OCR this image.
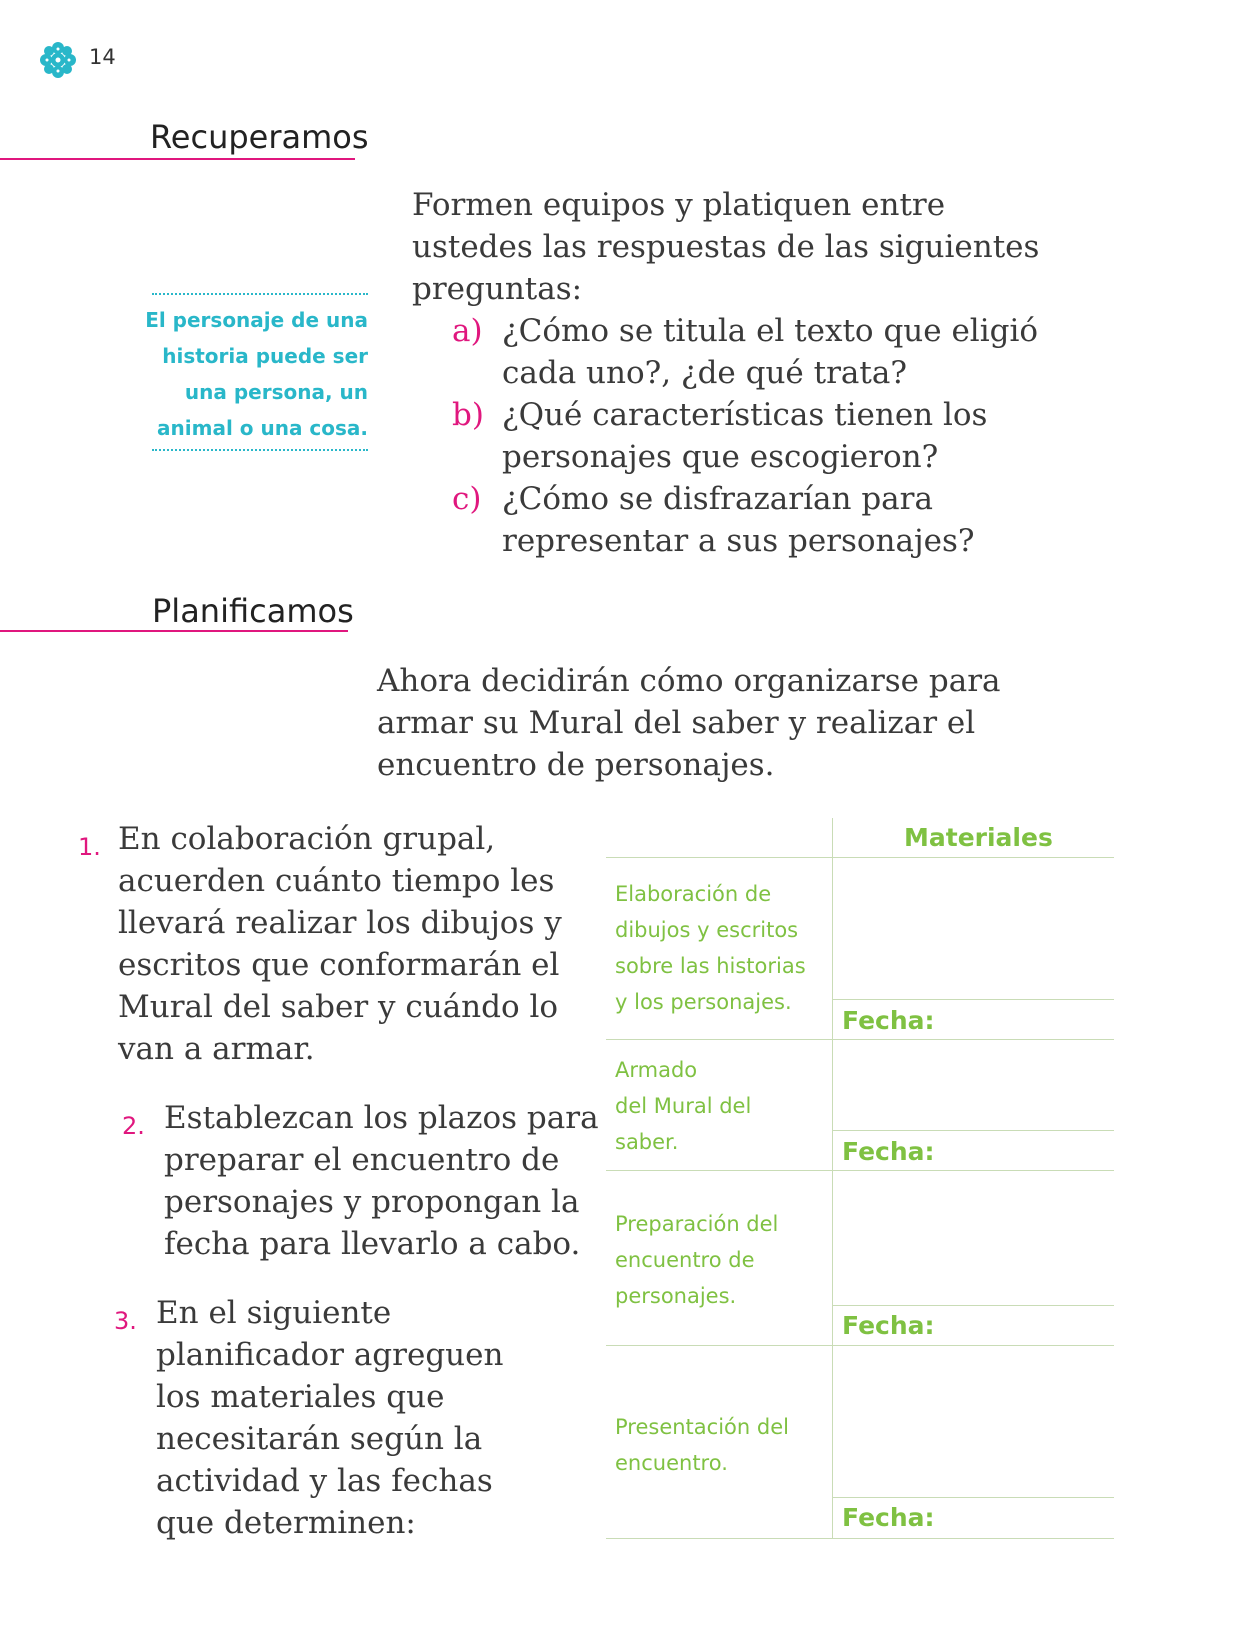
14
Recuperamos
Formen equipos y platiquen entre
ustedes las respuestas de las siguientes
preguntas:
a) ¿Cómo se titula el texto que eligió
cada uno?, ¿de qué trata?
b) ¿Qué características tienen los
personajes que escogieron?
c) ¿Cómo se disfrazarían para
representar a sus personajes?
El personaje de una
historia puede ser
una persona, un
animal o una cosa.
Planificamos
Ahora decidirán cómo organizarse para
armar su Mural del saber y realizar el
encuentro de personajes.
1. En colaboración grupal,
acuerden cuánto tiempo les
llevará realizar los dibujos y
escritos que conformarán el
Mural del saber y cuándo lo
van a armar.
2. Establezcan los plazos para
preparar el encuentro de
personajes y propongan la
fecha para llevarlo a cabo.
3. En el siguiente
planificador agreguen
los materiales que
necesitarán según la
actividad y las fechas
que determinen:
Materiales
Elaboración de
dibujos y escritos
sobre las historias
y los personajes.
Fecha:
Armado
del Mural del
saber.	Fecha:
Preparación del
encuentro de
personajes.
Fecha:
Presentación del
encuentro.
Fecha:
